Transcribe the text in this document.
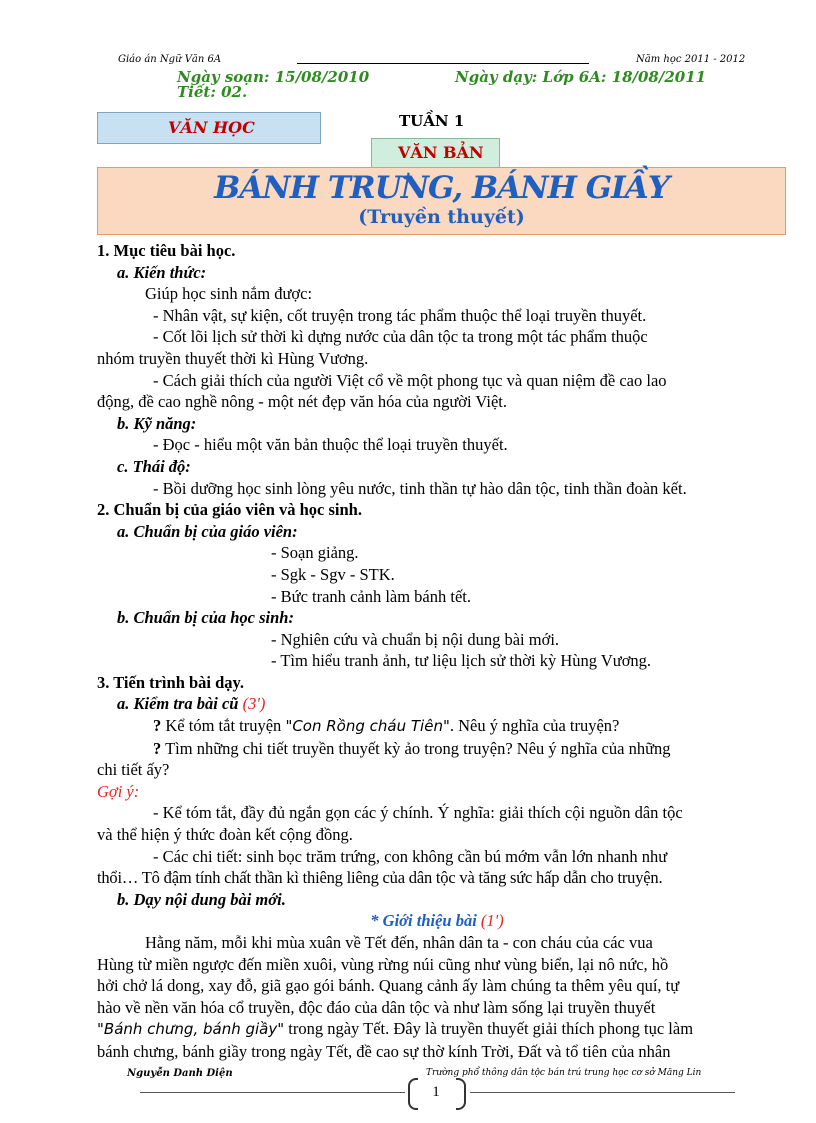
Giáo án Ngữ Văn 6A	Năm học 2011 - 2012
Ngày soạn: 15/08/2010	Ngày dạy: Lớp 6A: 18/08/2011
Tiết: 02.
VĂN HỌC	TUẦN 1
VĂN BẢN
BÁNH TRƯNG, BÁNH GIẦY
(Truyền thuyết)

1. Mục tiêu bài học.

a. Kiến thức:

Giúp học sinh nắm được:

- Nhân vật, sự kiện, cốt truyện trong tác phẩm thuộc thể loại truyền thuyết.

- Cốt lõi lịch sử thời kì dựng nước của dân tộc ta trong một tác phẩm thuộc

nhóm truyền thuyết thời kì Hùng Vương.

- Cách giải thích của người Việt cổ về một phong tục và quan niệm đề cao lao

động, đề cao nghề nông - một nét đẹp văn hóa của người Việt.

b. Kỹ năng:

- Đọc - hiểu một văn bản thuộc thể loại truyền thuyết.

c. Thái độ:

- Bồi dưỡng học sinh lòng yêu nước, tinh thần tự hào dân tộc, tinh thần đoàn kết.

2. Chuẩn bị của giáo viên và học sinh.

a. Chuẩn bị của giáo viên:

- Soạn giảng.

- Sgk - Sgv - STK.

- Bức tranh cảnh làm bánh tết.

b. Chuẩn bị của học sinh:

- Nghiên cứu và chuẩn bị nội dung bài mới.

- Tìm hiểu tranh ảnh, tư liệu lịch sử thời kỳ Hùng Vương.

3. Tiến trình bài dạy.

a. Kiểm tra bài cũ (3')

? Kể tóm tắt truyện "Con Rồng cháu Tiên". Nêu ý nghĩa của truyện?

? Tìm những chi tiết truyền thuyết kỳ ảo trong truyện? Nêu ý nghĩa của những

chi tiết ấy?

Gợi ý:

- Kể tóm tắt, đầy đủ ngắn gọn các ý chính. Ý nghĩa: giải thích cội nguồn dân tộc

và thể hiện ý thức đoàn kết cộng đồng.

- Các chi tiết: sinh bọc trăm trứng, con không cần bú mớm vẫn lớn nhanh như

thổi… Tô đậm tính chất thần kì thiêng liêng của dân tộc và tăng sức hấp dẫn cho truyện.

b. Dạy nội dung bài mới.

* Giới thiệu bài (1')

Hằng năm, mỗi khi mùa xuân về Tết đến, nhân dân ta - con cháu của các vua

Hùng từ miền ngược đến miền xuôi, vùng rừng núi cũng như vùng biển, lại nô nức, hồ

hởi chở lá dong, xay đỗ, giã gạo gói bánh. Quang cảnh ấy làm chúng ta thêm yêu quí, tự

hào về nền văn hóa cổ truyền, độc đáo của dân tộc và như làm sống lại truyền thuyết

"Bánh chưng, bánh giầy" trong ngày Tết. Đây là truyền thuyết giải thích phong tục làm

bánh chưng, bánh giầy trong ngày Tết, đề cao sự thờ kính Trời, Đất và tổ tiên của nhân

Nguyễn Danh Diện	Trường phổ thông dân tộc bán trú trung học cơ sở Măng Lin
1
